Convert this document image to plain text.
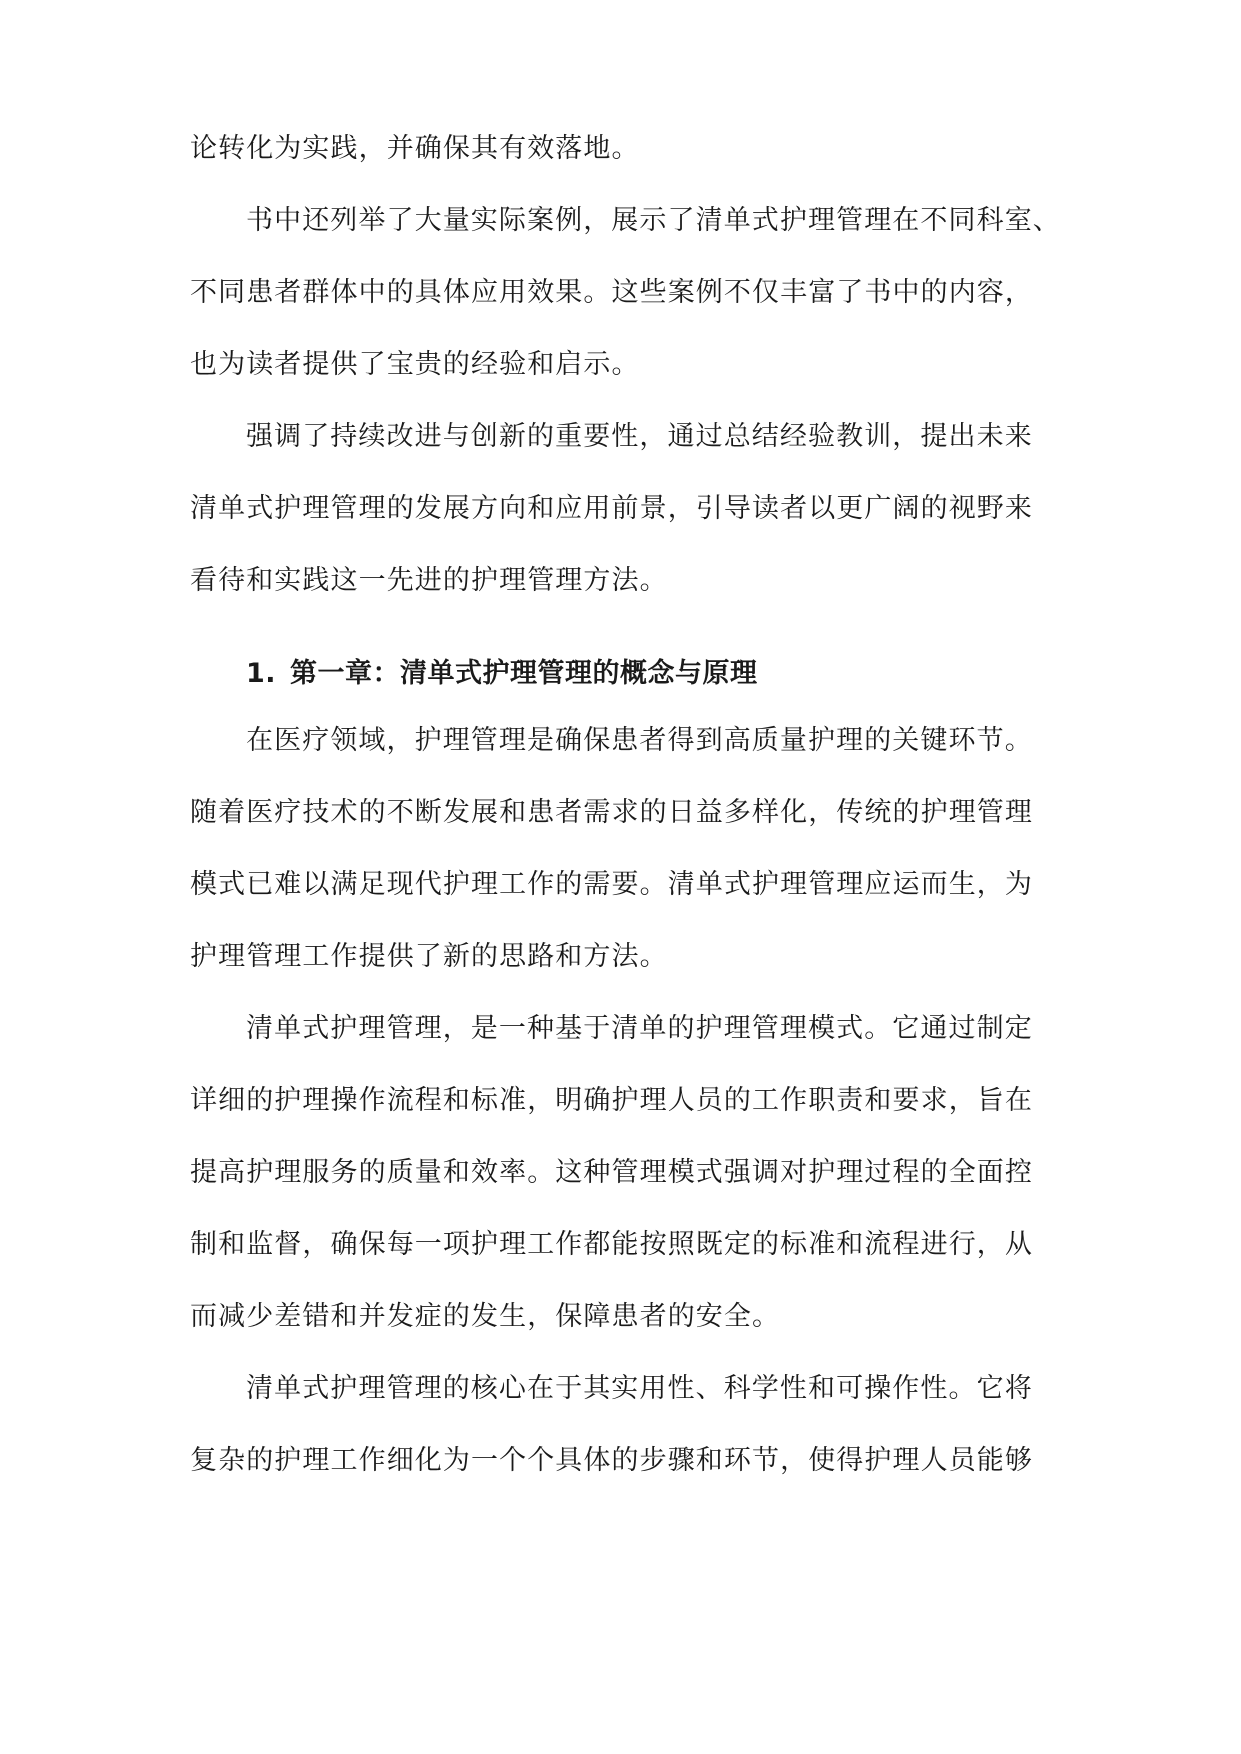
论转化为实践，并确保其有效落地。
书中还列举了大量实际案例，展示了清单式护理管理在不同科室、
不同患者群体中的具体应用效果。这些案例不仅丰富了书中的内容，
也为读者提供了宝贵的经验和启示。
强调了持续改进与创新的重要性，通过总结经验教训，提出未来
清单式护理管理的发展方向和应用前景，引导读者以更广阔的视野来
看待和实践这一先进的护理管理方法。
1. 第一章：清单式护理管理的概念与原理
在医疗领域，护理管理是确保患者得到高质量护理的关键环节。
随着医疗技术的不断发展和患者需求的日益多样化，传统的护理管理
模式已难以满足现代护理工作的需要。清单式护理管理应运而生，为
护理管理工作提供了新的思路和方法。
清单式护理管理，是一种基于清单的护理管理模式。它通过制定
详细的护理操作流程和标准，明确护理人员的工作职责和要求，旨在
提高护理服务的质量和效率。这种管理模式强调对护理过程的全面控
制和监督，确保每一项护理工作都能按照既定的标准和流程进行，从
而减少差错和并发症的发生，保障患者的安全。
清单式护理管理的核心在于其实用性、科学性和可操作性。它将
复杂的护理工作细化为一个个具体的步骤和环节，使得护理人员能够
